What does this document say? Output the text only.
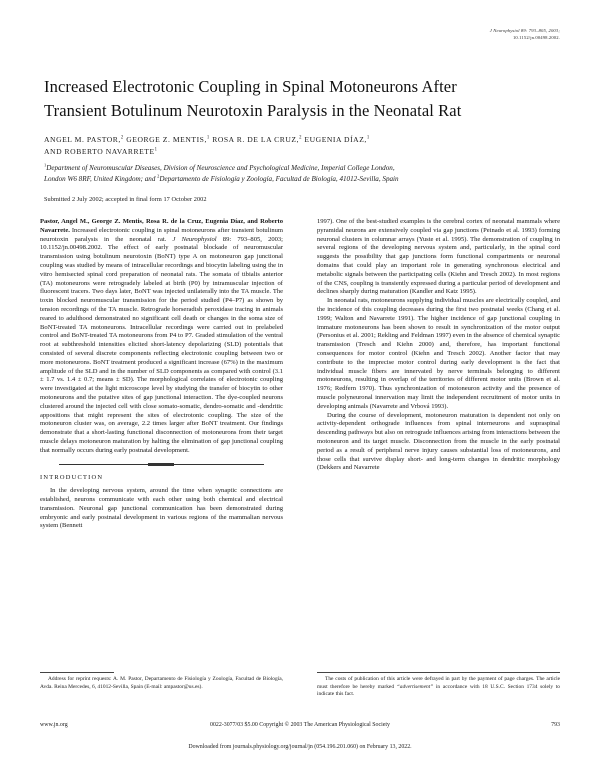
J Neurophysiol 89: 793–805, 2003;
10.1152/jn.00498.2002.
Increased Electrotonic Coupling in Spinal Motoneurons After
Transient Botulinum Neurotoxin Paralysis in the Neonatal Rat
ANGEL M. PASTOR,$^2$ GEORGE Z. MENTIS,$^1$ ROSA R. DE LA CRUZ,$^2$ EUGENIA DÍAZ,$^1$
AND ROBERTO NAVARRETE$^1$
$^1$Department of Neuromuscular Diseases, Division of Neuroscience and Psychological Medicine, Imperial College London,
London W6 8RF, United Kingdom; and $^2$Departamento de Fisiología y Zoología, Facultad de Biología, 41012-Sevilla, Spain
Submitted 2 July 2002; accepted in final form 17 October 2002

Pastor, Angel M., George Z. Mentis, Rosa R. de la Cruz, Eugenia Díaz, and Roberto Navarrete. Increased electrotonic coupling in spinal motoneurons after transient botulinum neurotoxin paralysis in the neonatal rat. J Neurophysiol 89: 793–805, 2003; 10.1152/jn.00498.2002. The effect of early postnatal blockade of neuromuscular transmission using botulinum neurotoxin (BoNT) type A on motoneuron gap junctional coupling was studied by means of intracellular recordings and biocytin labeling using the in vitro hemisected spinal cord preparation of neonatal rats. The somata of tibialis anterior (TA) motoneurons were retrogradely labeled at birth (P0) by intramuscular injection of fluorescent tracers. Two days later, BoNT was injected unilaterally into the TA muscle. The toxin blocked neuromuscular transmission for the period studied (P4–P7) as shown by tension recordings of the TA muscle. Retrograde horseradish peroxidase tracing in animals reared to adulthood demonstrated no significant cell death or changes in the soma size of BoNT-treated TA motoneurons. Intracellular recordings were carried out in prelabeled control and BoNT-treated TA motoneurons from P4 to P7. Graded stimulation of the ventral root at subthreshold intensities elicited short-latency depolarizing (SLD) potentials that consisted of several discrete components reflecting electrotonic coupling between two or more motoneurons. BoNT treatment produced a significant increase (67%) in the maximum amplitude of the SLD and in the number of SLD components as compared with control (3.1 ± 1.7 vs. 1.4 ± 0.7; means ± SD). The morphological correlates of electrotonic coupling were investigated at the light microscope level by studying the transfer of biocytin to other motoneurons and the putative sites of gap junctional interaction. The dye-coupled neurons clustered around the injected cell with close somato-somatic, dendro-somatic and -dendritic appositions that might represent the sites of electrotonic coupling. The size of the motoneuron cluster was, on average, 2.2 times larger after BoNT treatment. Our findings demonstrate that a short-lasting functional disconnection of motoneurons from their target muscle delays motoneuron maturation by halting the elimination of gap junctional coupling that normally occurs during early postnatal development.

INTRODUCTION

In the developing nervous system, around the time when synaptic connections are established, neurons communicate with each other using both chemical and electrical transmission. Neuronal gap junctional communication has been demonstrated during embryonic and early postnatal development in various regions of the mammalian nervous system (Bennett

1997). One of the best-studied examples is the cerebral cortex of neonatal mammals where pyramidal neurons are extensively coupled via gap junctions (Peinado et al. 1993) forming neuronal clusters in columnar arrays (Yuste et al. 1995). The demonstration of coupling in several regions of the developing nervous system and, particularly, in the spinal cord suggests the possibility that gap junctions form functional compartments or neuronal domains that could play an important role in generating synchronous electrical and metabolic signals between the participating cells (Kiehn and Tresch 2002). In most regions of the CNS, coupling is transiently expressed during a particular period of development and declines sharply during maturation (Kandler and Katz 1995).

In neonatal rats, motoneurons supplying individual muscles are electrically coupled, and the incidence of this coupling decreases during the first two postnatal weeks (Chang et al. 1999; Walton and Navarrete 1991). The higher incidence of gap junctional coupling in immature motoneurons has been shown to result in synchronization of the motor output (Personius et al. 2001; Rekling and Feldman 1997) even in the absence of chemical synaptic transmission (Tresch and Kiehn 2000) and, therefore, has important functional consequences for motor control (Kiehn and Tresch 2002). Another factor that may contribute to the imprecise motor control during early development is the fact that individual muscle fibers are innervated by nerve terminals belonging to different motoneurons, resulting in overlap of the territories of different motor units (Brown et al. 1976; Redfern 1970). Thus synchronization of motoneuron activity and the presence of muscle polyneuronal innervation may limit the independent recruitment of motor units in developing animals (Navarrete and Vrbová 1993).

During the course of development, motoneuron maturation is dependent not only on activity-dependent orthograde influences from spinal interneurons and supraspinal descending pathways but also on retrograde influences arising from interactions between the motoneuron and its target muscle. Disconnection from the muscle in the early postnatal period as a result of peripheral nerve injury causes substantial loss of motoneurons, and those cells that survive display short- and long-term changes in dendritic morphology (Dekkers and Navarrete

Address for reprint requests: A. M. Pastor, Departamento de Fisiología y Zoología, Facultad de Biología, Avda. Reina Mercedes, 6, 41012-Sevilla, Spain (E-mail: ampastor@us.es).

The costs of publication of this article were defrayed in part by the payment of page charges. The article must therefore be hereby marked “advertisement” in accordance with 18 U.S.C. Section 1734 solely to indicate this fact.

www.jn.org	0022-3077/03 $5.00 Copyright © 2003 The American Physiological Society	793
Downloaded from journals.physiology.org/journal/jn (054.196.201.060) on February 13, 2022.
